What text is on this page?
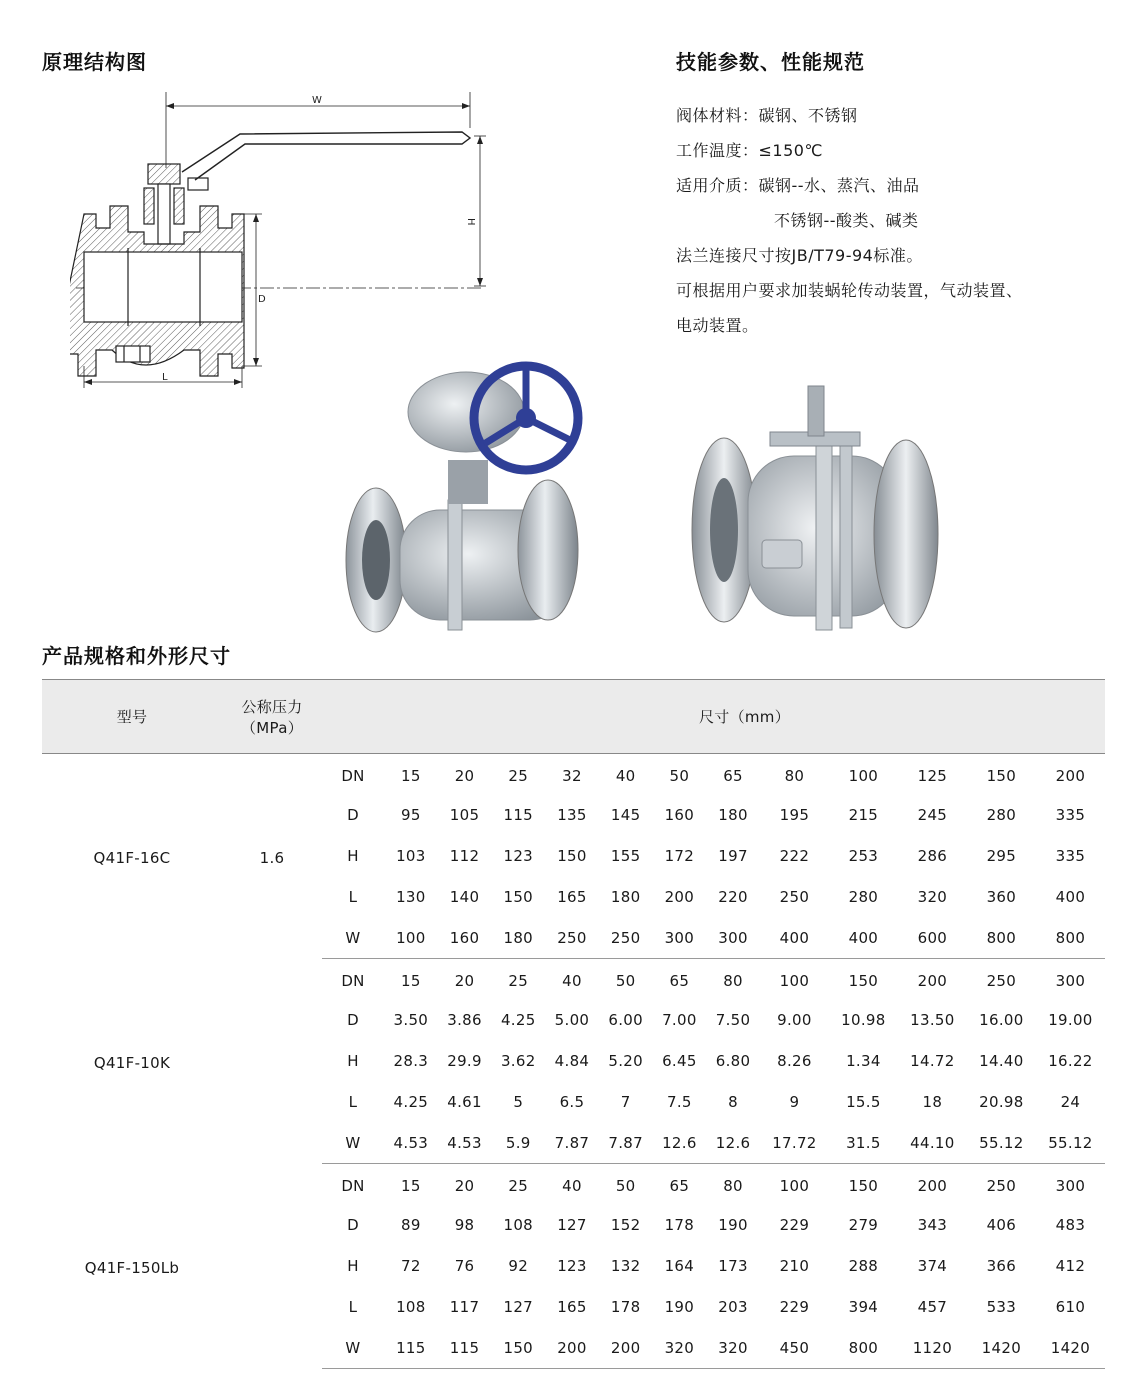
原理结构图	技能参数、性能规范
产品规格和外形尺寸
阀体材料：碳钢、不锈钢
工作温度：≤150℃
适用介质：碳钢--水、蒸汽、油品
不锈钢--酸类、碱类
法兰连接尺寸按JB/T79-94标准。
可根据用户要求加装蜗轮传动装置，气动装置、
电动装置。
W
H
D
L
型号	公称压力
（MPa）		尺寸（mm）											
Q41F-16C	1.6	DN	15	20	25	32	40	50	65	80	100	125	150	200
		D	95	105	115	135	145	160	180	195	215	245	280	335
		H	103	112	123	150	155	172	197	222	253	286	295	335
		L	130	140	150	165	180	200	220	250	280	320	360	400
		W	100	160	180	250	250	300	300	400	400	600	800	800
Q41F-10K		DN	15	20	25	40	50	65	80	100	150	200	250	300
		D	3.50	3.86	4.25	5.00	6.00	7.00	7.50	9.00	10.98	13.50	16.00	19.00
		H	28.3	29.9	3.62	4.84	5.20	6.45	6.80	8.26	1.34	14.72	14.40	16.22
		L	4.25	4.61	5	6.5	7	7.5	8	9	15.5	18	20.98	24
		W	4.53	4.53	5.9	7.87	7.87	12.6	12.6	17.72	31.5	44.10	55.12	55.12
Q41F-150Lb		DN	15	20	25	40	50	65	80	100	150	200	250	300
		D	89	98	108	127	152	178	190	229	279	343	406	483
		H	72	76	92	123	132	164	173	210	288	374	366	412
		L	108	117	127	165	178	190	203	229	394	457	533	610
		W	115	115	150	200	200	320	320	450	800	1120	1420	1420
